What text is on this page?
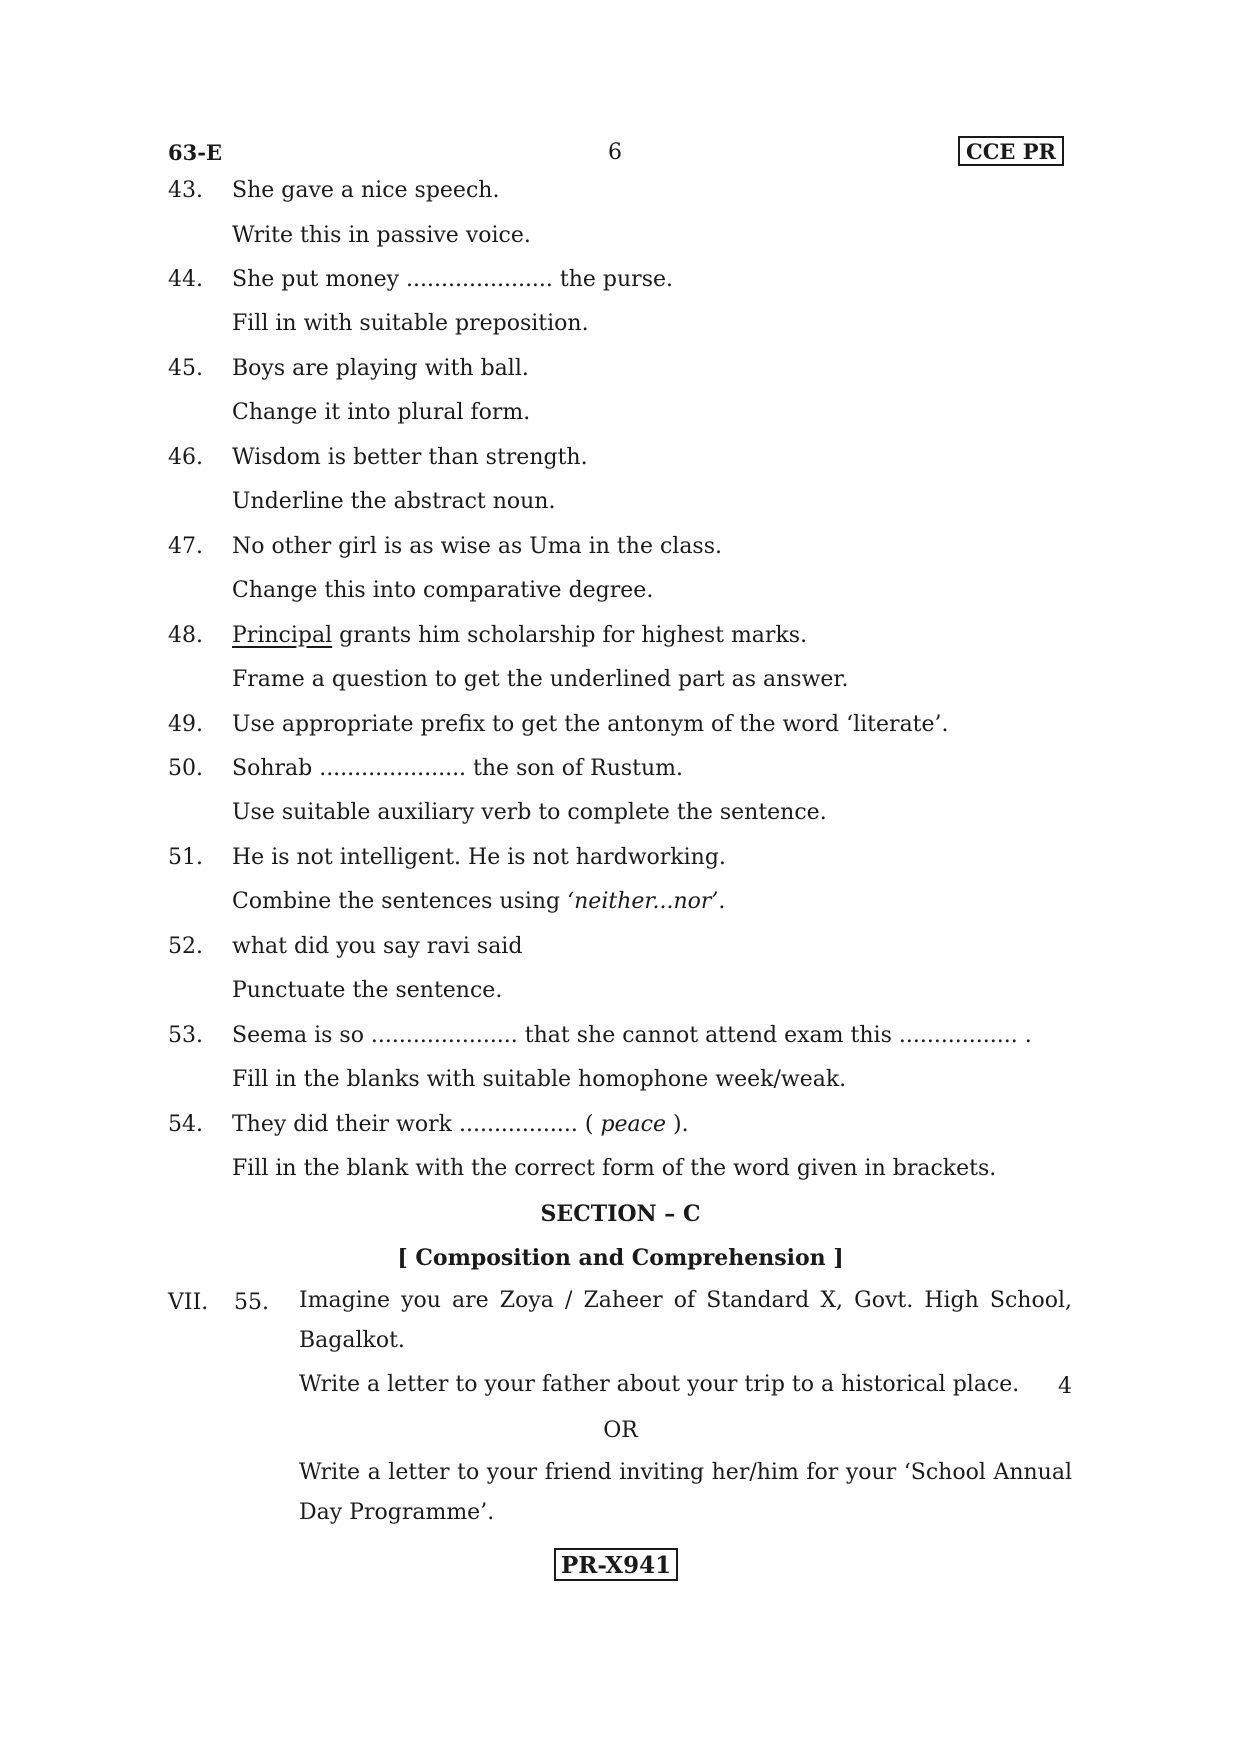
63-E	6	CCE PR
43. She gave a nice speech.
Write this in passive voice.
44. She put money ..................... the purse.
Fill in with suitable preposition.
45. Boys are playing with ball.
Change it into plural form.
46. Wisdom is better than strength.
Underline the abstract noun.
47. No other girl is as wise as Uma in the class.
Change this into comparative degree.
48. Principal grants him scholarship for highest marks.
Frame a question to get the underlined part as answer.
49. Use appropriate prefix to get the antonym of the word ‘literate’.
50. Sohrab ..................... the son of Rustum.
Use suitable auxiliary verb to complete the sentence.
51. He is not intelligent. He is not hardworking.
Combine the sentences using ‘neither...nor’.
52. what did you say ravi said
Punctuate the sentence.
53. Seema is so ..................... that she cannot attend exam this ................. .
Fill in the blanks with suitable homophone week/weak.
54. They did their work ................. ( peace ).
Fill in the blank with the correct form of the word given in brackets.
SECTION – C
[ Composition and Comprehension ]
VII. 55. Imagine you are Zoya / Zaheer of Standard X, Govt. High School,
Bagalkot.
Write a letter to your father about your trip to a historical place.	4
OR
Write a letter to your friend inviting her/him for your ‘School Annual
Day Programme’.
PR-X941
